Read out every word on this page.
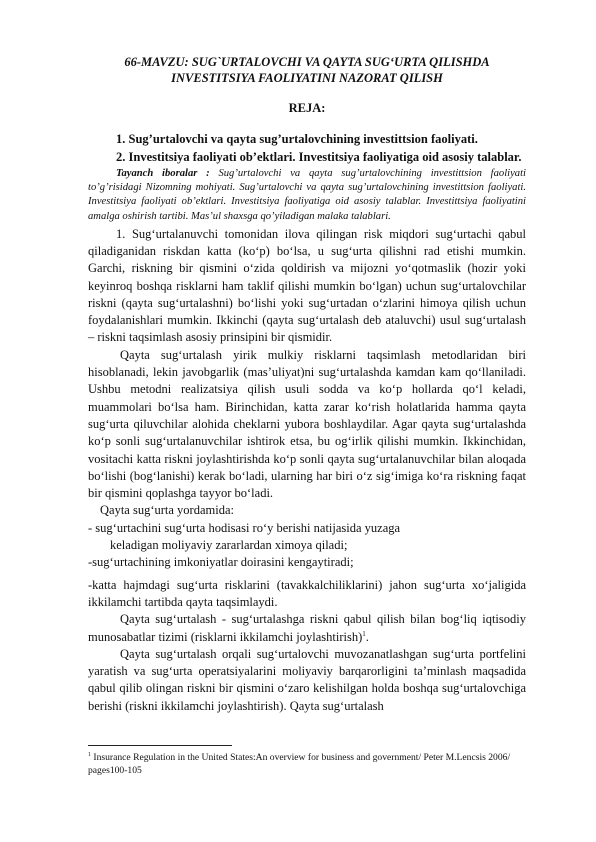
66-MAVZU: SUG`URTALOVCHI VA QAYTA SUG‘URTA QILISHDA
INVESTITSIYA FAOLIYATINI NAZORAT QILISH
REJA:

1. Sug’urtalovchi va qayta sug’urtalovchining investittsion faoliyati.

2. Investitsiya faoliyati ob’ektlari. Investitsiya faoliyatiga oid asosiy talablar.

Tayanch iboralar : Sug’urtalovchi va qayta sug’urtalovchining investittsion faoliyati to’g’risidagi Nizomning mohiyati. Sug’urtalovchi va qayta sug’urtalovchining investittsion faoliyati. Investitsiya faoliyati ob’ektlari. Investitsiya faoliyatiga oid asosiy talablar. Investittsiya faoliyatini amalga oshirish tartibi. Mas’ul shaxsga qo’yiladigan malaka talablari.

1. Sug‘urtalanuvchi tomonidan ilova qilingan risk miqdori sug‘urtachi qabul qiladiganidan riskdan katta (ko‘p) bo‘lsa, u sug‘urta qilishni rad etishi mumkin. Garchi, riskning bir qismini o‘zida qoldirish va mijozni yo‘qotmaslik (hozir yoki keyinroq boshqa risklarni ham taklif qilishi mumkin bo‘lgan) uchun sug‘urtalovchilar riskni (qayta sug‘urtalashni) bo‘lishi yoki sug‘urtadan o‘zlarini himoya qilish uchun foydalanishlari mumkin. Ikkinchi (qayta sug‘urtalash deb ataluvchi) usul sug‘urtalash – riskni taqsimlash asosiy prinsipini bir qismidir.

Qayta sug‘urtalash yirik mulkiy risklarni taqsimlash metodlaridan biri hisoblanadi, lekin javobgarlik (mas’uliyat)ni sug‘urtalashda kamdan kam qo‘llaniladi. Ushbu metodni realizatsiya qilish usuli sodda va ko‘p hollarda qo‘l keladi, muammolari bo‘lsa ham. Birinchidan, katta zarar ko‘rish holatlarida hamma qayta sug‘urta qiluvchilar alohida cheklarni yubora boshlaydilar. Agar qayta sug‘urtalashda ko‘p sonli sug‘urtalanuvchilar ishtirok etsa, bu og‘irlik qilishi mumkin. Ikkinchidan, vositachi katta riskni joylashtirishda ko‘p sonli qayta sug‘urtalanuvchilar bilan aloqada bo‘lishi (bog‘lanishi) kerak bo‘ladi, ularning har biri o‘z sig‘imiga ko‘ra riskning faqat bir qismini qoplashga tayyor bo‘ladi.

Qayta sug‘urta yordamida:

- sug‘urtachini sug‘urta hodisasi ro‘y berishi natijasida yuzaga

keladigan moliyaviy zararlardan ximoya qiladi;

-sug‘urtachining imkoniyatlar doirasini kengaytiradi;

-katta hajmdagi sug‘urta risklarini (tavakkalchiliklarini) jahon sug‘urta xo‘jaligida ikkilamchi tartibda qayta taqsimlaydi.

Qayta sug‘urtalash - sug‘urtalashga riskni qabul qilish bilan bog‘liq iqtisodiy munosabatlar tizimi (risklarni ikkilamchi joylashtirish)$^1$.

Qayta sug‘urtalash orqali sug‘urtalovchi muvozanatlashgan sug‘urta portfelini yaratish va sug‘urta operatsiyalarini moliyaviy barqarorligini ta’minlash maqsadida qabul qilib olingan riskni bir qismini o‘zaro kelishilgan holda boshqa sug‘urtalovchiga berishi (riskni ikkilamchi joylashtirish). Qayta sug‘urtalash

$^1$ Insurance Regulation in the United States:An overview for business and government/ Peter M.Lencsis 2006/ pages100-105
